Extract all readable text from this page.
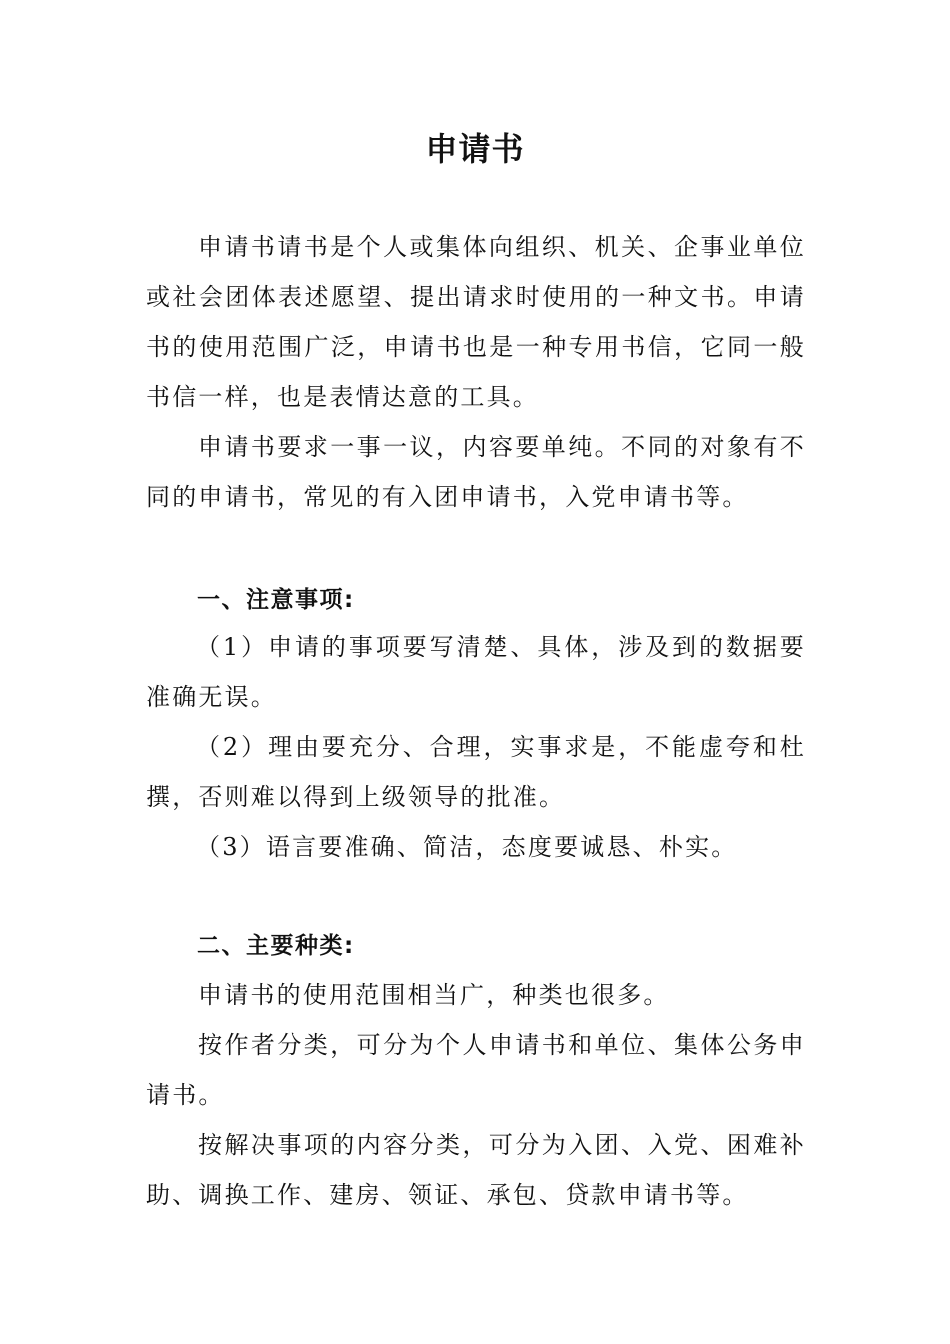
申请书

申请书请书是个人或集体向组织、机关、企事业单位或社会团体表述愿望、提出请求时使用的一种文书。申请书的使用范围广泛，申请书也是一种专用书信，它同一般书信一样，也是表情达意的工具。

申请书要求一事一议，内容要单纯。不同的对象有不同的申请书，常见的有入团申请书，入党申请书等。

一、注意事项:

（1）申请的事项要写清楚、具体，涉及到的数据要准确无误。

（2）理由要充分、合理，实事求是，不能虚夸和杜撰，否则难以得到上级领导的批准。

（3）语言要准确、简洁，态度要诚恳、朴实。

二、主要种类:

申请书的使用范围相当广，种类也很多。

按作者分类，可分为个人申请书和单位、集体公务申请书。

按解决事项的内容分类，可分为入团、入党、困难补助、调换工作、建房、领证、承包、贷款申请书等。
